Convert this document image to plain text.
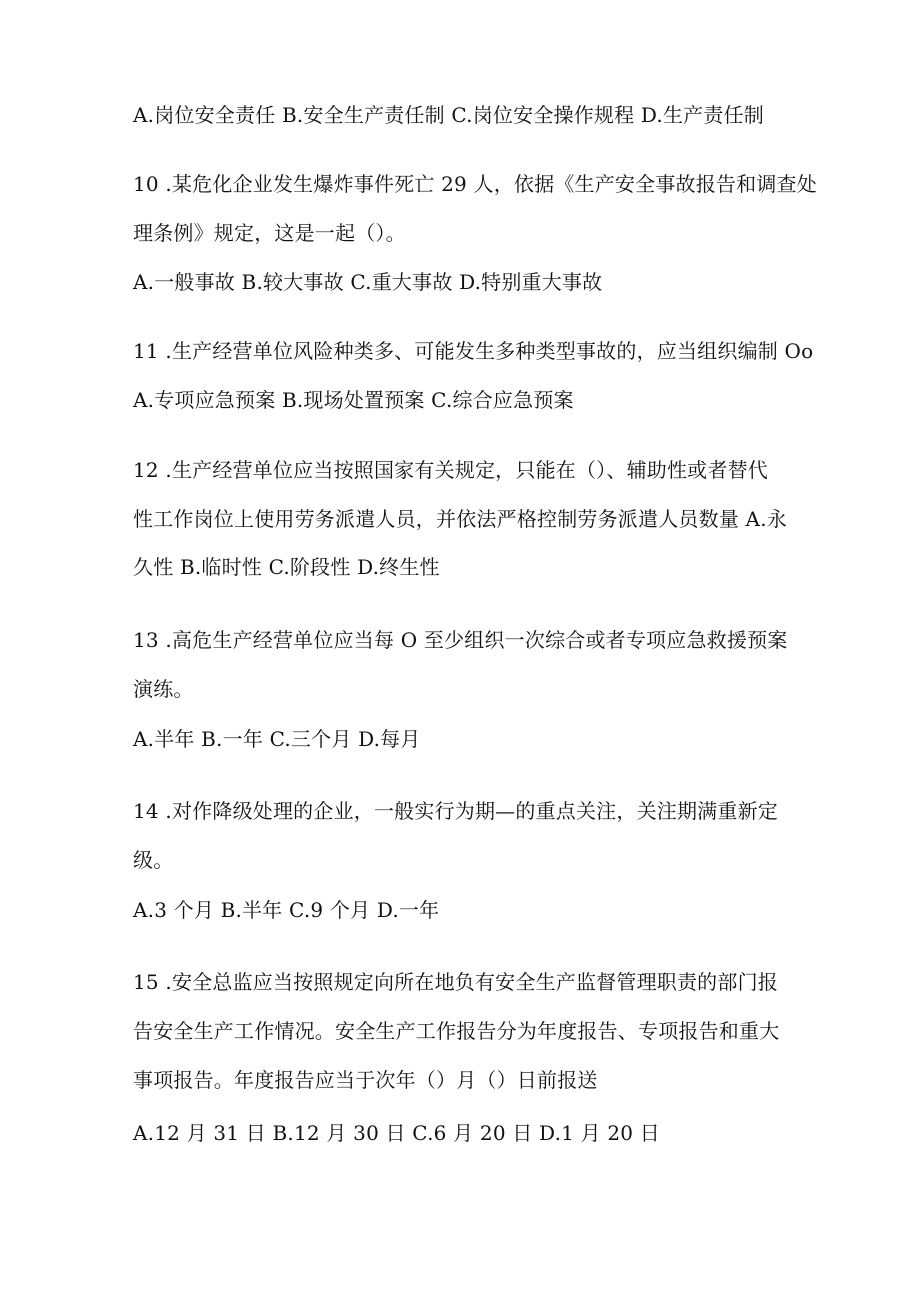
A.岗位安全责任 B.安全生产责任制 C.岗位安全操作规程 D.生产责任制
10 .某危化企业发生爆炸事件死亡 29 人，依据《生产安全事故报告和调查处
理条例》规定，这是一起（）。
A.一般事故 B.较大事故 C.重大事故 D.特别重大事故
11 .生产经营单位风险种类多、可能发生多种类型事故的，应当组织编制 Oo
A.专项应急预案 B.现场处置预案 C.综合应急预案
12 .生产经营单位应当按照国家有关规定，只能在（）、辅助性或者替代
性工作岗位上使用劳务派遣人员，并依法严格控制劳务派遣人员数量 A.永
久性 B.临时性 C.阶段性 D.终生性
13 .高危生产经营单位应当每 O 至少组织一次综合或者专项应急救援预案
演练。
A.半年 B.一年 C.三个月 D.每月
14 .对作降级处理的企业，一般实行为期—的重点关注，关注期满重新定
级。
A.3 个月 B.半年 C.9 个月 D.一年
15 .安全总监应当按照规定向所在地负有安全生产监督管理职责的部门报
告安全生产工作情况。安全生产工作报告分为年度报告、专项报告和重大
事项报告。年度报告应当于次年（）月（）日前报送
A.12 月 31 日 B.12 月 30 日 C.6 月 20 日 D.1 月 20 日
